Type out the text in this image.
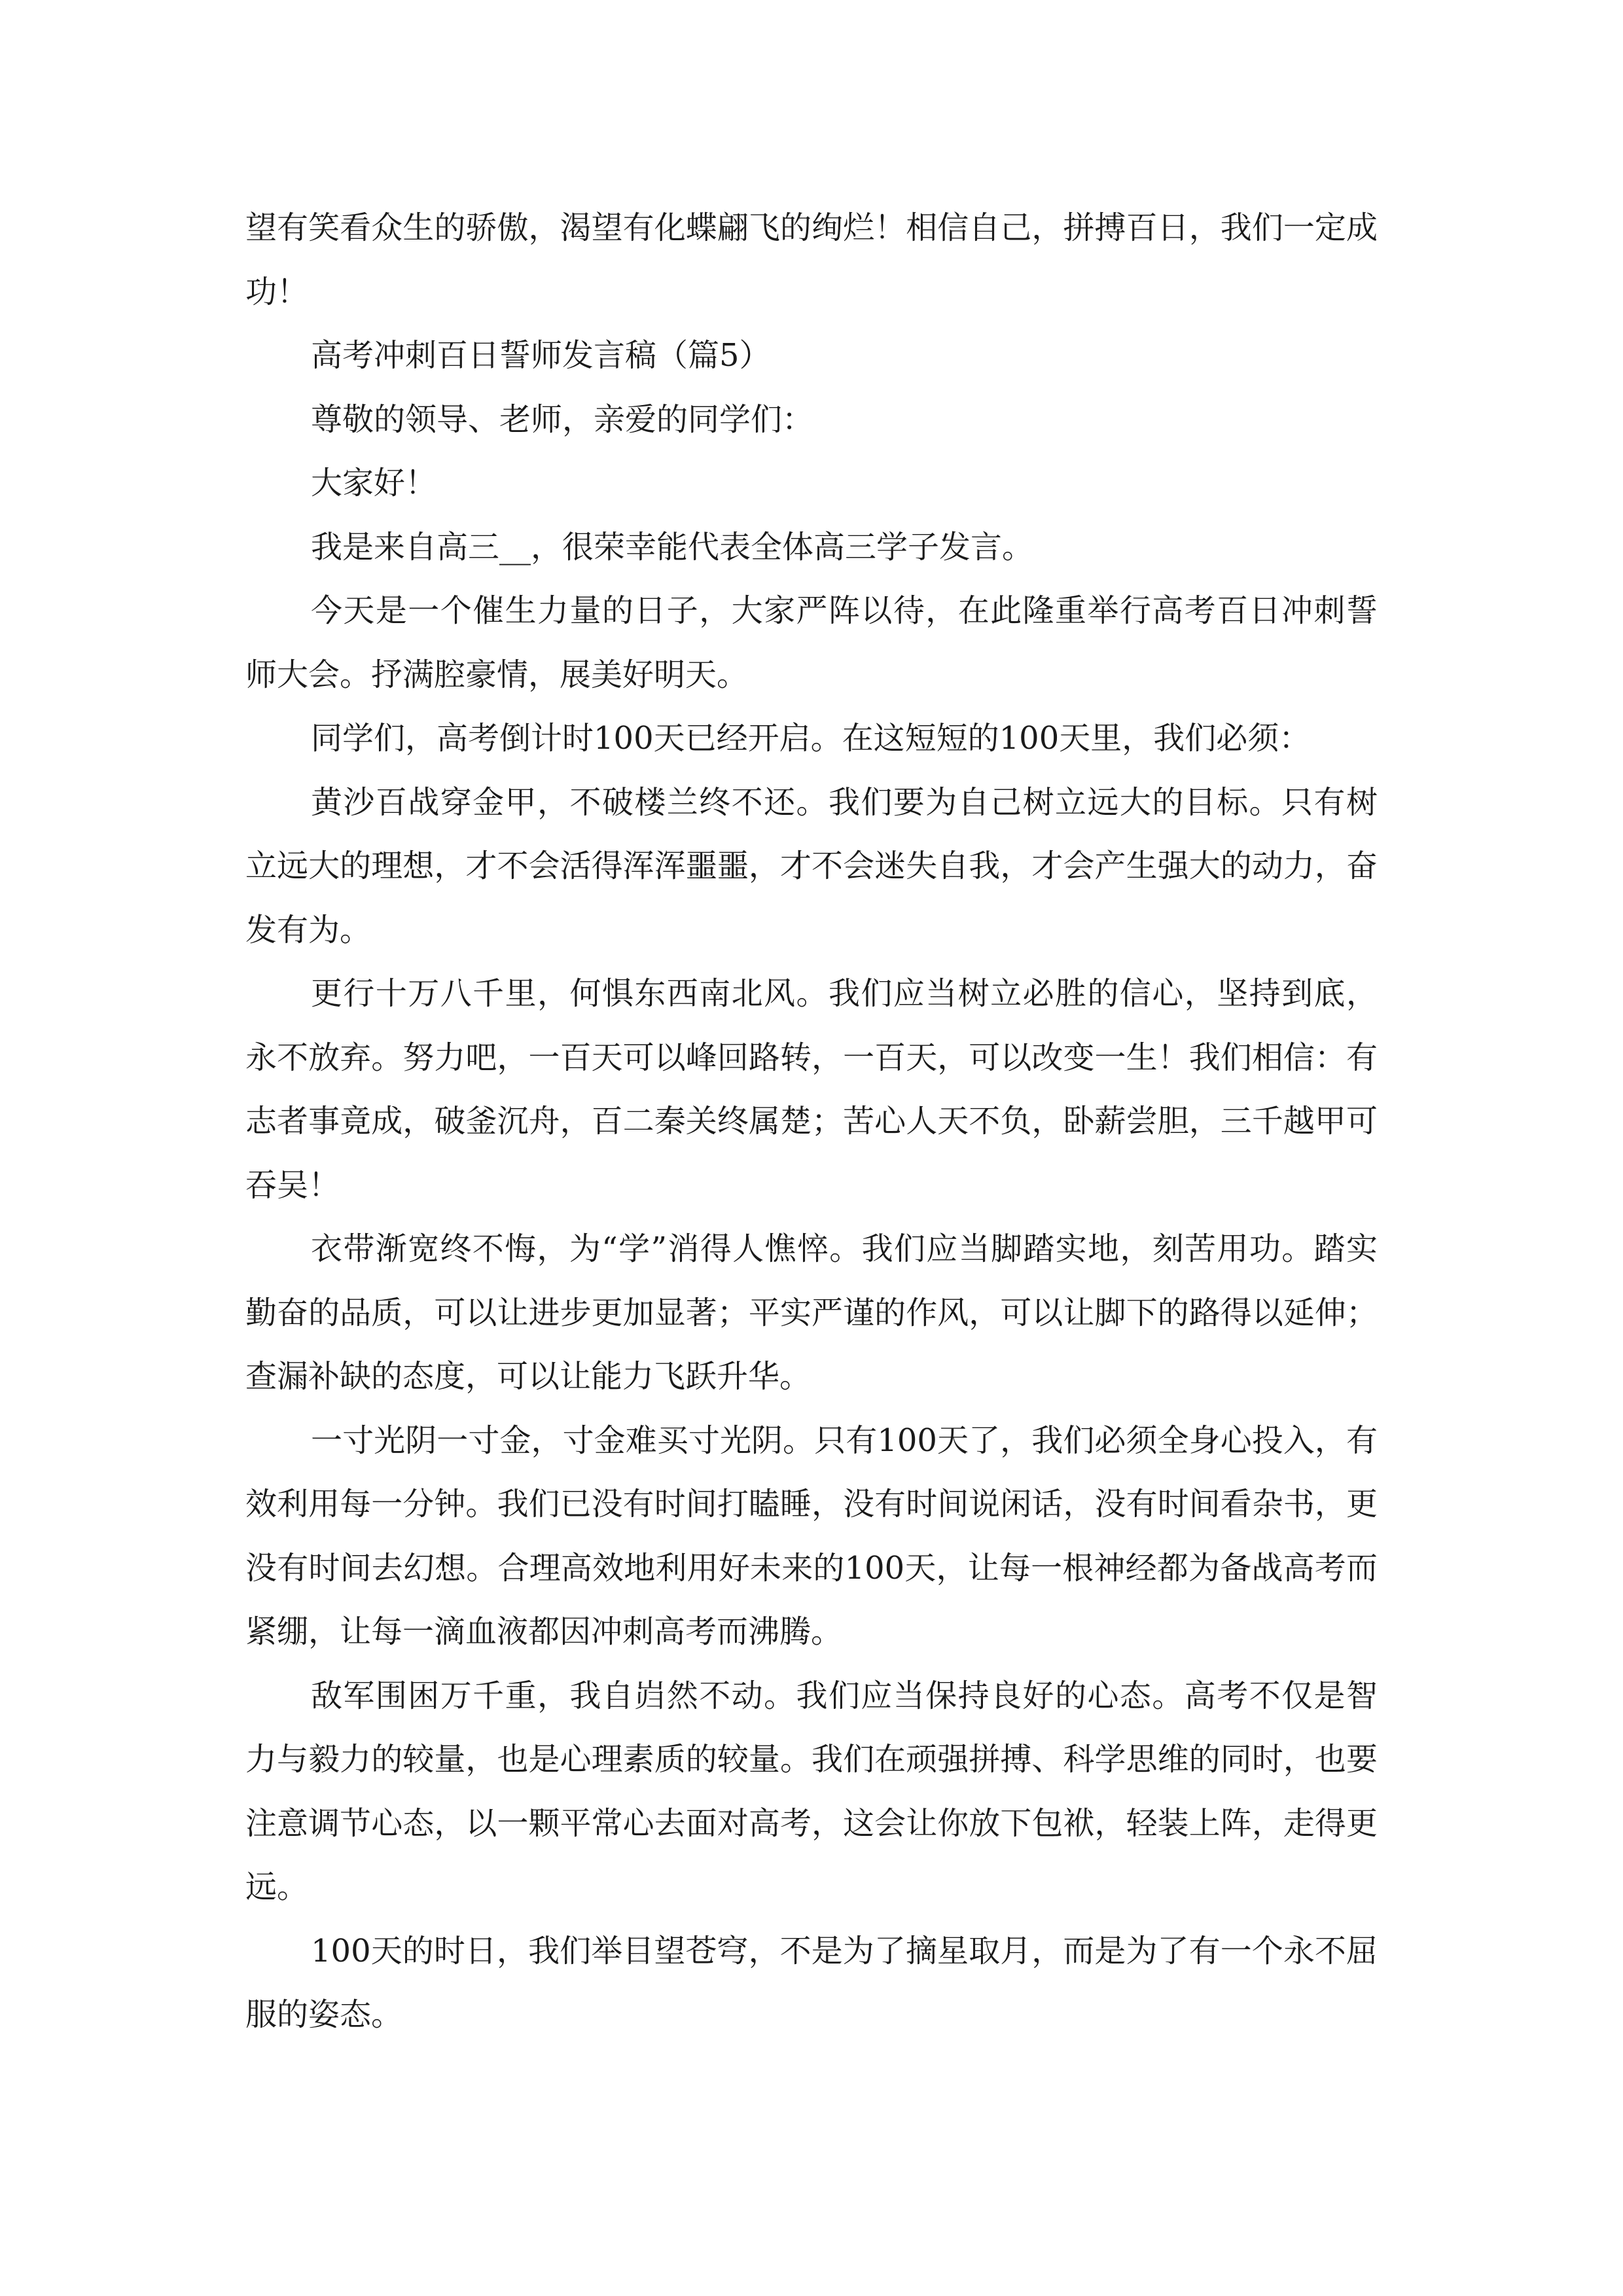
望有笑看众生的骄傲，渴望有化蝶翩飞的绚烂！相信自己，拼搏百日，我们一定成功！

高考冲刺百日誓师发言稿（篇5）

尊敬的领导、老师，亲爱的同学们：

大家好！

我是来自高三__，很荣幸能代表全体高三学子发言。

今天是一个催生力量的日子，大家严阵以待，在此隆重举行高考百日冲刺誓师大会。抒满腔豪情，展美好明天。

同学们，高考倒计时100天已经开启。在这短短的100天里，我们必须：

黄沙百战穿金甲，不破楼兰终不还。我们要为自己树立远大的目标。只有树立远大的理想，才不会活得浑浑噩噩，才不会迷失自我，才会产生强大的动力，奋发有为。

更行十万八千里，何惧东西南北风。我们应当树立必胜的信心，坚持到底，永不放弃。努力吧，一百天可以峰回路转，一百天，可以改变一生！我们相信：有志者事竟成，破釜沉舟，百二秦关终属楚；苦心人天不负，卧薪尝胆，三千越甲可吞吴！

衣带渐宽终不悔，为“学”消得人憔悴。我们应当脚踏实地，刻苦用功。踏实勤奋的品质，可以让进步更加显著；平实严谨的作风，可以让脚下的路得以延伸；查漏补缺的态度，可以让能力飞跃升华。

一寸光阴一寸金，寸金难买寸光阴。只有100天了，我们必须全身心投入，有效利用每一分钟。我们已没有时间打瞌睡，没有时间说闲话，没有时间看杂书，更没有时间去幻想。合理高效地利用好未来的100天，让每一根神经都为备战高考而紧绷，让每一滴血液都因冲刺高考而沸腾。

敌军围困万千重，我自岿然不动。我们应当保持良好的心态。高考不仅是智力与毅力的较量，也是心理素质的较量。我们在顽强拼搏、科学思维的同时，也要注意调节心态，以一颗平常心去面对高考，这会让你放下包袱，轻装上阵，走得更远。

100天的时日，我们举目望苍穹，不是为了摘星取月，而是为了有一个永不屈服的姿态。
